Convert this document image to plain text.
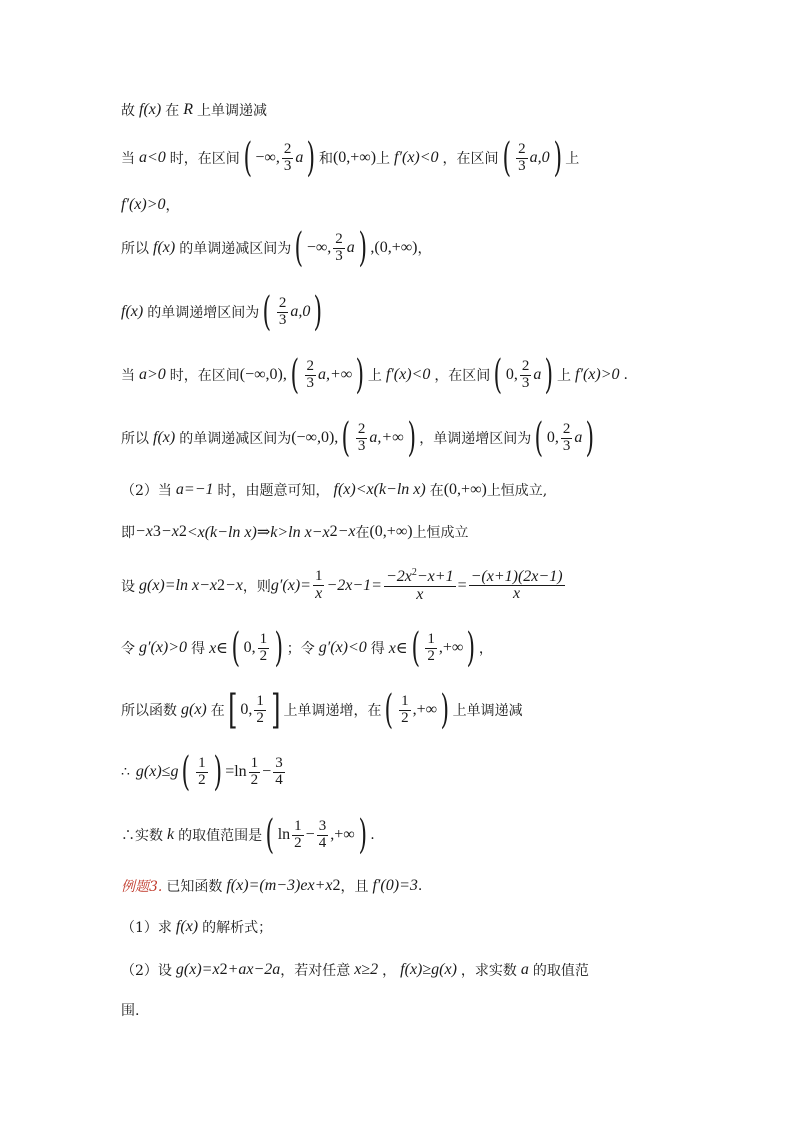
故 f(x) 在 R 上单调递减
当 a<0 时，在区间 ( −∞, $\frac{2}{3}$ a ) 和 (0,+∞) 上 f′(x)<0 ，在区间 ( $\frac{2}{3} a,0$ ) 上
f′(x)>0 ，
所以 f(x) 的单调递减区间为 ( −∞, $\frac{2}{3}$ a ) ,(0,+∞) ，
f(x) 的单调递增区间为 ( $\frac{2}{3} a,0$ )
当 a>0 时，在区间 (−∞,0), ( $\frac{2}{3} a,+\infty$ ) 上 f′(x)<0 ，在区间 ( 0, $\frac{2}{3}$ a ) 上 f′(x)>0 .
所以 f(x) 的单调递减区间为 (−∞,0), ( $\frac{2}{3} a,+\infty$ ) ，单调递增区间为 ( 0, $\frac{2}{3}$ a )
（2）当 a=−1 时，由题意可知， f(x)<x(k−ln x) 在 (0,+∞) 上恒成立,
即 −x 3 −x 2 <x(k−ln x)⇒k>ln x−x 2 −x 在 (0,+∞) 上恒成立
设 g(x)=ln x−x 2 −x ，则 $g'(x)= \frac{1}{x} -2x-1= \frac{-2x^2-x+1}{x} = \frac{-(x+1)(2x-1)}{x}$
令 g′(x)>0 得 x∈ ( 0, $\frac{1}{2}$ ) ；令 g′(x)<0 得 x∈ ( $\frac{1}{2}$ ,+∞ ) ，
所以函数 g(x) 在 [ 0, $\frac{1}{2}$ ] 上单调递增，在 ( $\frac{1}{2}$ ,+∞ ) 上单调递减
∴ g(x)≤g ( $\frac{1}{2}$ ) $=\ln \frac{1}{2} - \frac{3}{4}$
∴实数 k 的取值范围是 ( $\ln \frac{1}{2} - \frac{3}{4}$ ,+∞ ) .
例题3. 已知函数 f(x)=(m−3)e x +x 2 ，且 f′(0)=3 .
（1）求 f(x) 的解析式；
（2）设 g(x)=x 2 +ax−2a ，若对任意 x≥2 ， f(x)≥g(x) ，求实数 a 的取值范
围.
